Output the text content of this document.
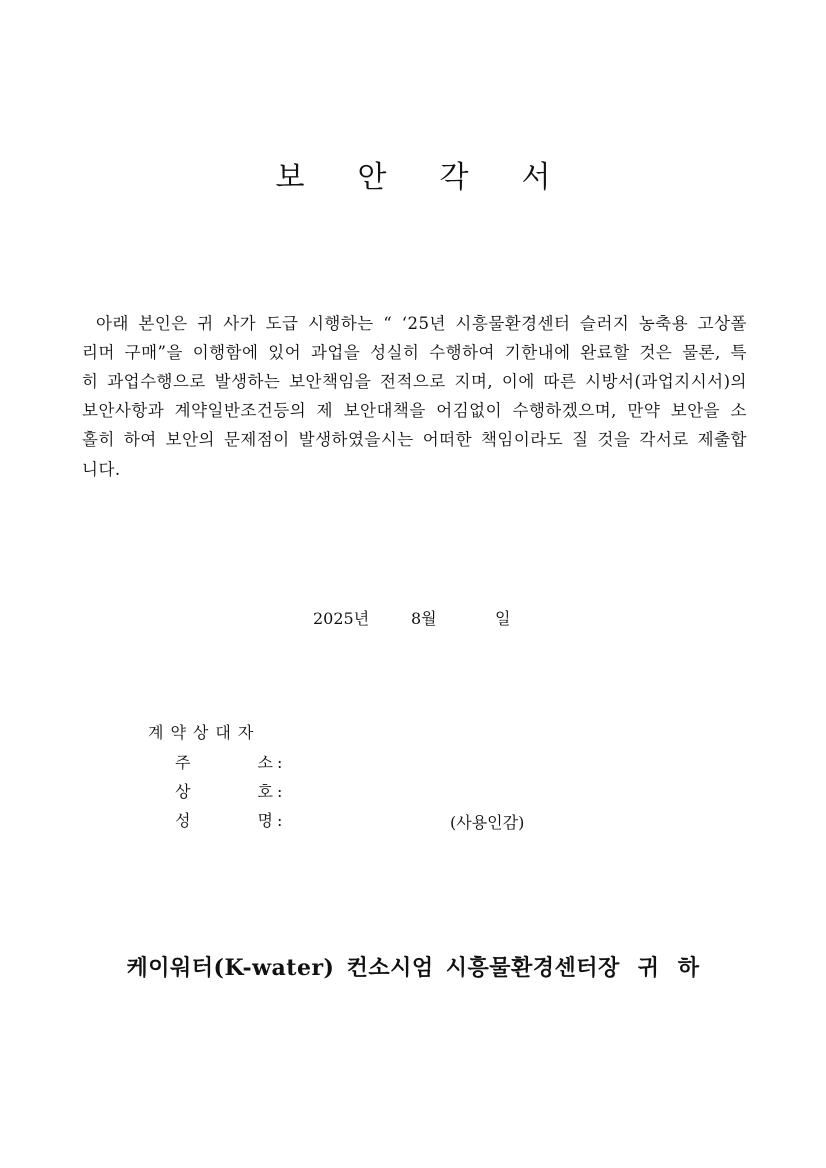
보	안	각	서

아래 본인은 귀 사가 도급 시행하는 “ ‘25년 시흥물환경센터 슬러지 농축용 고상폴리머 구매”을 이행함에 있어 과업을 성실히 수행하여 기한내에 완료할 것은 물론, 특히 과업수행으로 발생하는 보안책임을 전적으로 지며, 이에 따른 시방서(과업지시서)의 보안사항과 계약일반조건등의 제 보안대책을 어김없이 수행하겠으며, 만약 보안을 소홀히 하여 보안의 문제점이 발생하였을시는 어떠한 책임이라도 질 것을 각서로 제출합니다.

2025년	8월	일
계약상대자
주	소 :
상	호 :
성	명 :	(사용인감)
케이워터(K-water) 컨소시엄 시흥물환경센터장 귀 하
